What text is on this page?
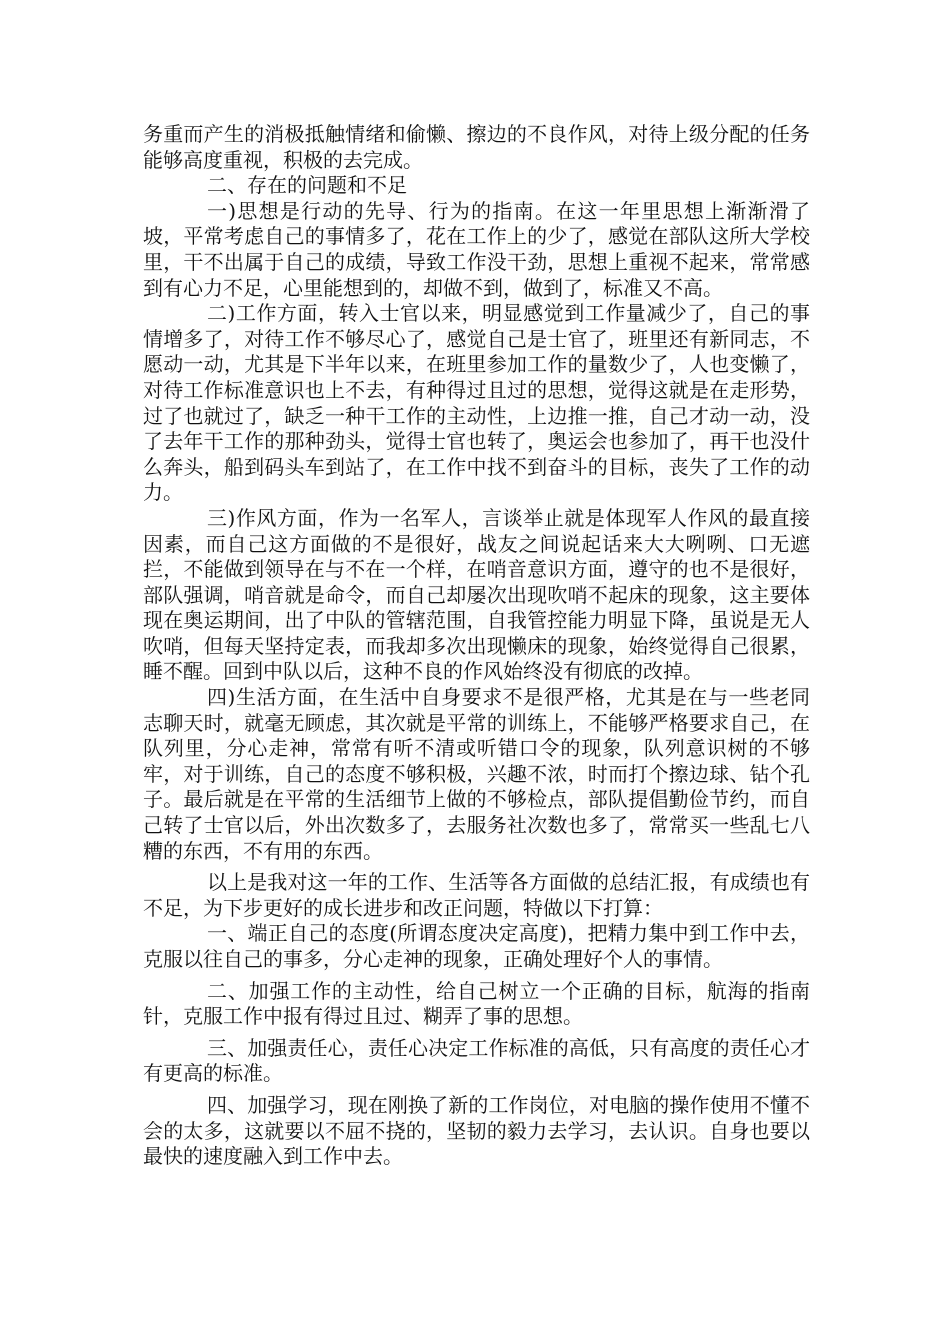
务重而产生的消极抵触情绪和偷懒、擦边的不良作风，对待上级分配的任务能够高度重视，积极的去完成。

二、存在的问题和不足

一)思想是行动的先导、行为的指南。在这一年里思想上渐渐滑了坡，平常考虑自己的事情多了，花在工作上的少了，感觉在部队这所大学校里，干不出属于自己的成绩，导致工作没干劲，思想上重视不起来，常常感到有心力不足，心里能想到的，却做不到，做到了，标准又不高。

二)工作方面，转入士官以来，明显感觉到工作量减少了，自己的事情增多了，对待工作不够尽心了，感觉自己是士官了，班里还有新同志，不愿动一动，尤其是下半年以来，在班里参加工作的量数少了，人也变懒了，对待工作标准意识也上不去，有种得过且过的思想，觉得这就是在走形势，过了也就过了，缺乏一种干工作的主动性，上边推一推，自己才动一动，没了去年干工作的那种劲头，觉得士官也转了，奥运会也参加了，再干也没什么奔头，船到码头车到站了，在工作中找不到奋斗的目标，丧失了工作的动力。

三)作风方面，作为一名军人，言谈举止就是体现军人作风的最直接因素，而自己这方面做的不是很好，战友之间说起话来大大咧咧、口无遮拦，不能做到领导在与不在一个样，在哨音意识方面，遵守的也不是很好，部队强调，哨音就是命令，而自己却屡次出现吹哨不起床的现象，这主要体现在奥运期间，出了中队的管辖范围，自我管控能力明显下降，虽说是无人吹哨，但每天坚持定表，而我却多次出现懒床的现象，始终觉得自己很累，睡不醒。回到中队以后，这种不良的作风始终没有彻底的改掉。

四)生活方面，在生活中自身要求不是很严格，尤其是在与一些老同志聊天时，就毫无顾虑，其次就是平常的训练上，不能够严格要求自己，在队列里，分心走神，常常有听不清或听错口令的现象，队列意识树的不够牢，对于训练，自己的态度不够积极，兴趣不浓，时而打个擦边球、钻个孔子。最后就是在平常的生活细节上做的不够检点，部队提倡勤俭节约，而自己转了士官以后，外出次数多了，去服务社次数也多了，常常买一些乱七八糟的东西，不有用的东西。

以上是我对这一年的工作、生活等各方面做的总结汇报，有成绩也有不足，为下步更好的成长进步和改正问题，特做以下打算：

一、端正自己的态度(所谓态度决定高度)，把精力集中到工作中去，克服以往自己的事多，分心走神的现象，正确处理好个人的事情。

二、加强工作的主动性，给自己树立一个正确的目标，航海的指南针，克服工作中报有得过且过、糊弄了事的思想。

三、加强责任心，责任心决定工作标准的高低，只有高度的责任心才有更高的标准。

四、加强学习，现在刚换了新的工作岗位，对电脑的操作使用不懂不会的太多，这就要以不屈不挠的，坚韧的毅力去学习，去认识。自身也要以最快的速度融入到工作中去。
